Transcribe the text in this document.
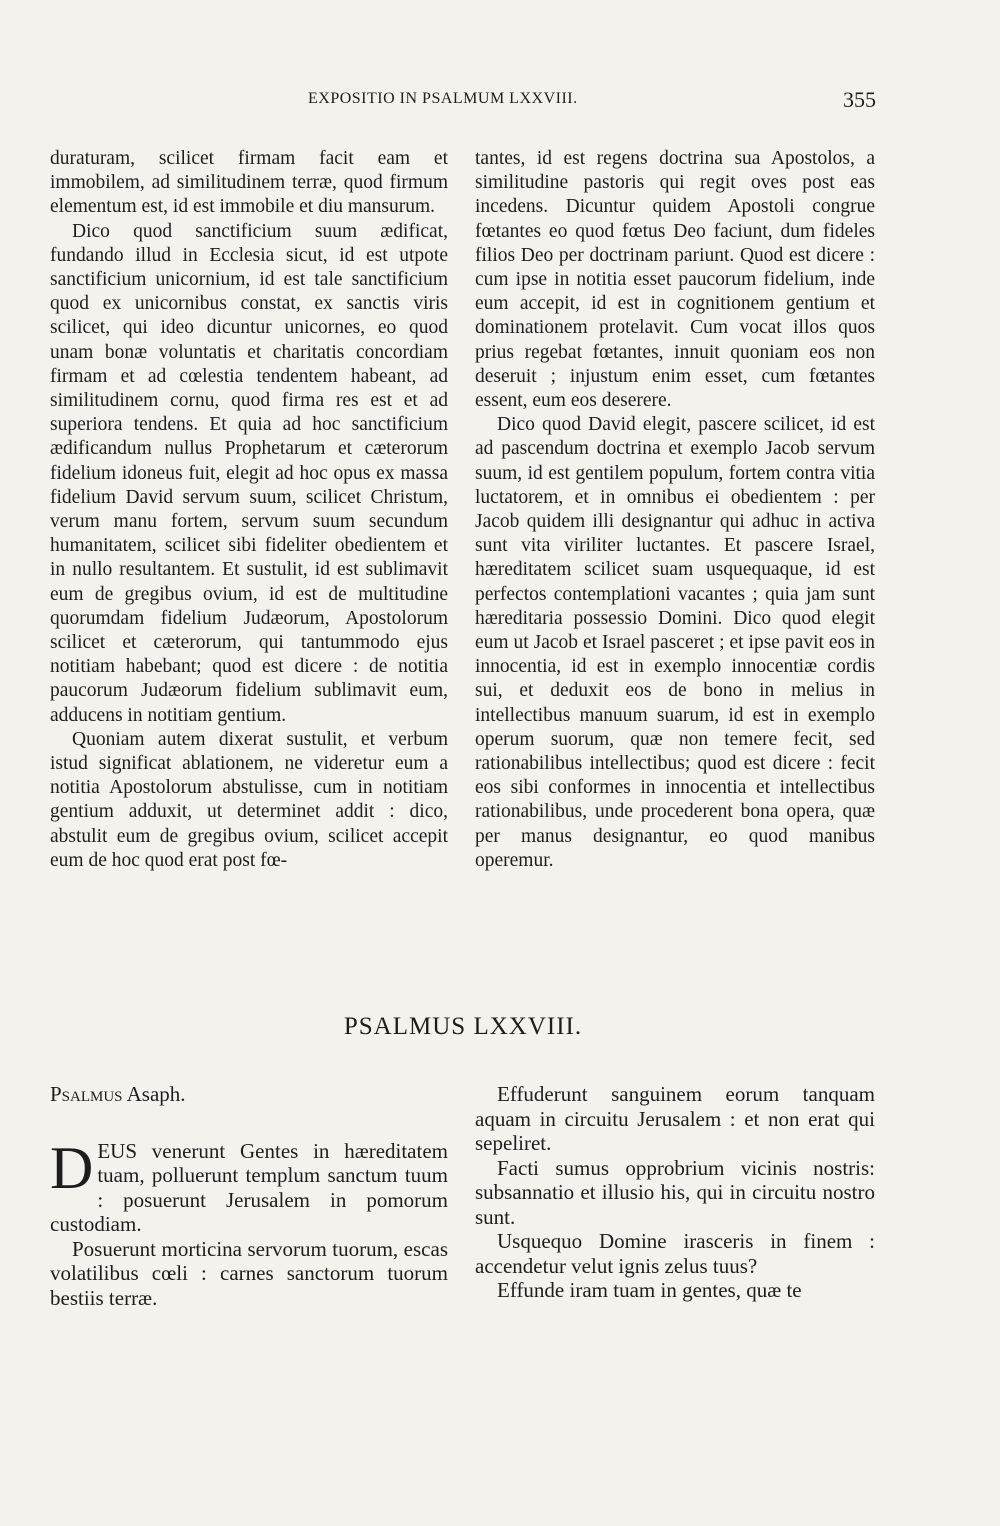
EXPOSITIO IN PSALMUM LXXVIII.	355

duraturam, scilicet firmam facit eam et immobilem, ad similitudinem terræ, quod firmum elementum est, id est immobile et diu mansurum.

Dico quod sanctificium suum ædificat, fundando illud in Ecclesia sicut, id est utpote sanctificium unicornium, id est tale sanctificium quod ex unicornibus constat, ex sanctis viris scilicet, qui ideo dicuntur unicornes, eo quod unam bonæ voluntatis et charitatis concordiam firmam et ad cœlestia tendentem habeant, ad similitudinem cornu, quod firma res est et ad superiora tendens. Et quia ad hoc sanctificium ædificandum nullus Prophetarum et cæterorum fidelium idoneus fuit, elegit ad hoc opus ex massa fidelium David servum suum, scilicet Christum, verum manu fortem, servum suum secundum humanitatem, scilicet sibi fideliter obedientem et in nullo resultantem. Et sustulit, id est sublimavit eum de gregibus ovium, id est de multitudine quorumdam fidelium Judæorum, Apostolorum scilicet et cæterorum, qui tantummodo ejus notitiam habebant; quod est dicere : de notitia paucorum Judæorum fidelium sublimavit eum, adducens in notitiam gentium.

Quoniam autem dixerat sustulit, et verbum istud significat ablationem, ne videretur eum a notitia Apostolorum abstulisse, cum in notitiam gentium adduxit, ut determinet addit : dico, abstulit eum de gregibus ovium, scilicet accepit eum de hoc quod erat post fœ-

tantes, id est regens doctrina sua Apostolos, a similitudine pastoris qui regit oves post eas incedens. Dicuntur quidem Apostoli congrue fœtantes eo quod fœtus Deo faciunt, dum fideles filios Deo per doctrinam pariunt. Quod est dicere : cum ipse in notitia esset paucorum fidelium, inde eum accepit, id est in cognitionem gentium et dominationem protelavit. Cum vocat illos quos prius regebat fœtantes, innuit quoniam eos non deseruit ; injustum enim esset, cum fœtantes essent, eum eos deserere.

Dico quod David elegit, pascere scilicet, id est ad pascendum doctrina et exemplo Jacob servum suum, id est gentilem populum, fortem contra vitia luctatorem, et in omnibus ei obedientem : per Jacob quidem illi designantur qui adhuc in activa sunt vita viriliter luctantes. Et pascere Israel, hæreditatem scilicet suam usquequaque, id est perfectos contemplationi vacantes ; quia jam sunt hæreditaria possessio Domini. Dico quod elegit eum ut Jacob et Israel pasceret ; et ipse pavit eos in innocentia, id est in exemplo innocentiæ cordis sui, et deduxit eos de bono in melius in intellectibus manuum suarum, id est in exemplo operum suorum, quæ non temere fecit, sed rationabilibus intellectibus; quod est dicere : fecit eos sibi conformes in innocentia et intellectibus rationabilibus, unde procederent bona opera, quæ per manus designantur, eo quod manibus operemur.

PSALMUS LXXVIII.

Psalmus Asaph.

DEUS venerunt Gentes in hæreditatem tuam, polluerunt templum sanctum tuum : posuerunt Jerusalem in pomorum custodiam.

Posuerunt morticina servorum tuorum, escas volatilibus cœli : carnes sanctorum tuorum bestiis terræ.

Effuderunt sanguinem eorum tanquam aquam in circuitu Jerusalem : et non erat qui sepeliret.

Facti sumus opprobrium vicinis nostris: subsannatio et illusio his, qui in circuitu nostro sunt.

Usquequo Domine irasceris in finem : accendetur velut ignis zelus tuus?

Effunde iram tuam in gentes, quæ te
